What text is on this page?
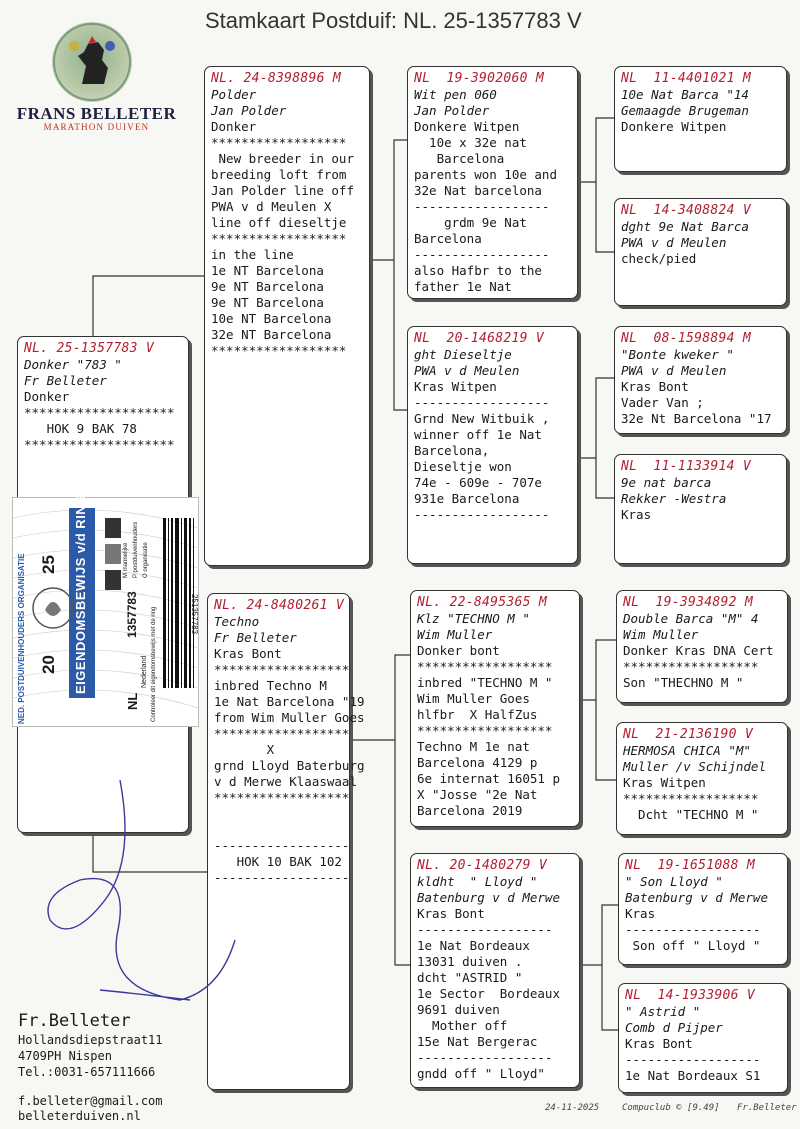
Stamkaart Postduif: NL. 25-1357783 V
FRANS BELLETER
MARATHON DUIVEN
NL. 25-1357783 V
Donker "783 "
Fr Belleter
Donker
********************
HOK 9 BAK 78
********************
NL. 24-8398896 M
Polder
Jan Polder
Donker
******************
New breeder in our
breeding loft from
Jan Polder line off
PWA v d Meulen X
line off dieseltje
******************
in the line
1e NT Barcelona
9e NT Barcelona
9e NT Barcelona
10e NT Barcelona
32e NT Barcelona
******************
NL. 24-8480261 V
Techno
Fr Belleter
Kras Bont
******************
inbred Techno M
1e Nat Barcelona "19
from Wim Muller Goes
******************
X
grnd Lloyd Baterburg
v d Merwe Klaaswaal
******************

------------------
HOK 10 BAK 102
------------------
NL  19-3902060 M
Wit pen 060
Jan Polder
Donkere Witpen
10e x 32e nat
Barcelona
parents won 10e and
32e Nat barcelona
------------------
grdm 9e Nat
Barcelona
------------------
also Hafbr to the
father 1e Nat
NL  20-1468219 V
ght Dieseltje
PWA v d Meulen
Kras Witpen
------------------
Grnd New Witbuik ,
winner off 1e Nat
Barcelona,
Dieseltje won
74e - 609e - 707e
931e Barcelona
------------------
NL. 22-8495365 M
Klz "TECHNO M "
Wim Muller
Donker bont
******************
inbred "TECHNO M "
Wim Muller Goes
hlfbr  X HalfZus
******************
Techno M 1e nat
Barcelona 4129 p
6e internat 16051 p
X "Josse "2e Nat
Barcelona 2019
NL. 20-1480279 V
kldht  " Lloyd "
Batenburg v d Merwe
Kras Bont
------------------
1e Nat Bordeaux
13031 duiven .
dcht "ASTRID "
1e Sector  Bordeaux
9691 duiven
Mother off
15e Nat Bergerac
------------------
gndd off " Lloyd"
NL  11-4401021 M
10e Nat Barca "14
Gemaagde Brugeman
Donkere Witpen
NL  14-3408824 V
dght 9e Nat Barca
PWA v d Meulen
check/pied
NL  08-1598894 M
"Bonte kweker "
PWA v d Meulen
Kras Bont
Vader Van ;
32e Nt Barcelona "17
NL  11-1133914 V
9e nat barca
Rekker -Westra
Kras
NL  19-3934892 M
Double Barca "M" 4
Wim Muller
Donker Kras DNA Cert
******************
Son "THECHNO M "
NL  21-2136190 V
HERMOSA CHICA "M"
Muller /v Schijndel
Kras Witpen
******************
Dcht "TECHNO M "
NL  19-1651088 M
" Son Lloyd "
Batenburg v d Merwe
Kras
------------------
Son off " Lloyd "
NL  14-1933906 V
" Astrid "
Comb d Pijper
Kras Bont
------------------
1e Nat Bordeaux S1
NED. POSTDUIVENHOUDERS ORGANISATIE	EIGENDOMSBEWIJS v/d RING
20
25
NL
1357783
Nederland Controleer dit eigendomsbewijs met de ring
M mannelijke P postduivenhouders O organisatie
251357783
Fr.Belleter
Hollandsdiepstraat11
4709PH Nispen
Tel.:0031-657111666
f.belleter@gmail.com
belleterduiven.nl
24-11-2025	Compuclub © [9.49] Fr.Belleter
